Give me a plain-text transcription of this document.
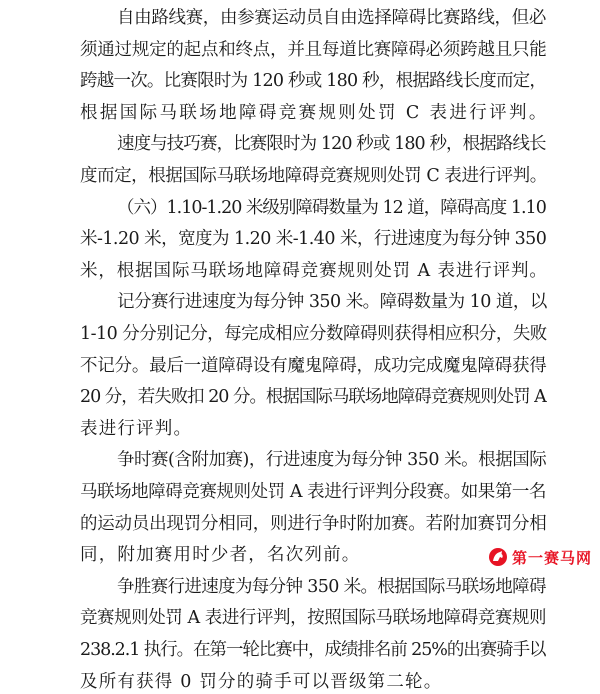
自由路线赛，由参赛运动员自由选择障碍比赛路线，但必
须通过规定的起点和终点，并且每道比赛障碍必须跨越且只能
跨越一次。比赛限时为 120 秒或 180 秒，根据路线长度而定，
根据国际马联场地障碍竞赛规则处罚 C 表进行评判。
速度与技巧赛，比赛限时为 120 秒或 180 秒，根据路线长
度而定，根据国际马联场地障碍竞赛规则处罚 C 表进行评判。
（六）1.10-1.20 米级别障碍数量为 12 道，障碍高度 1.10
米-1.20 米，宽度为 1.20 米-1.40 米，行进速度为每分钟 350
米，根据国际马联场地障碍竞赛规则处罚 A 表进行评判。
记分赛行进速度为每分钟 350 米。障碍数量为 10 道，以
1-10 分分别记分，每完成相应分数障碍则获得相应积分，失败
不记分。最后一道障碍设有魔鬼障碍，成功完成魔鬼障碍获得
20 分，若失败扣 20 分。根据国际马联场地障碍竞赛规则处罚 A
表进行评判。
争时赛(含附加赛)，行进速度为每分钟 350 米。根据国际
马联场地障碍竞赛规则处罚 A 表进行评判分段赛。如果第一名
的运动员出现罚分相同，则进行争时附加赛。若附加赛罚分相
同，附加赛用时少者，名次列前。
争胜赛行进速度为每分钟 350 米。根据国际马联场地障碍
竞赛规则处罚 A 表进行评判，按照国际马联场地障碍竞赛规则
238.2.1 执行。在第一轮比赛中，成绩排名前 25%的出赛骑手以
及所有获得 0 罚分的骑手可以晋级第二轮。
第一赛马网
